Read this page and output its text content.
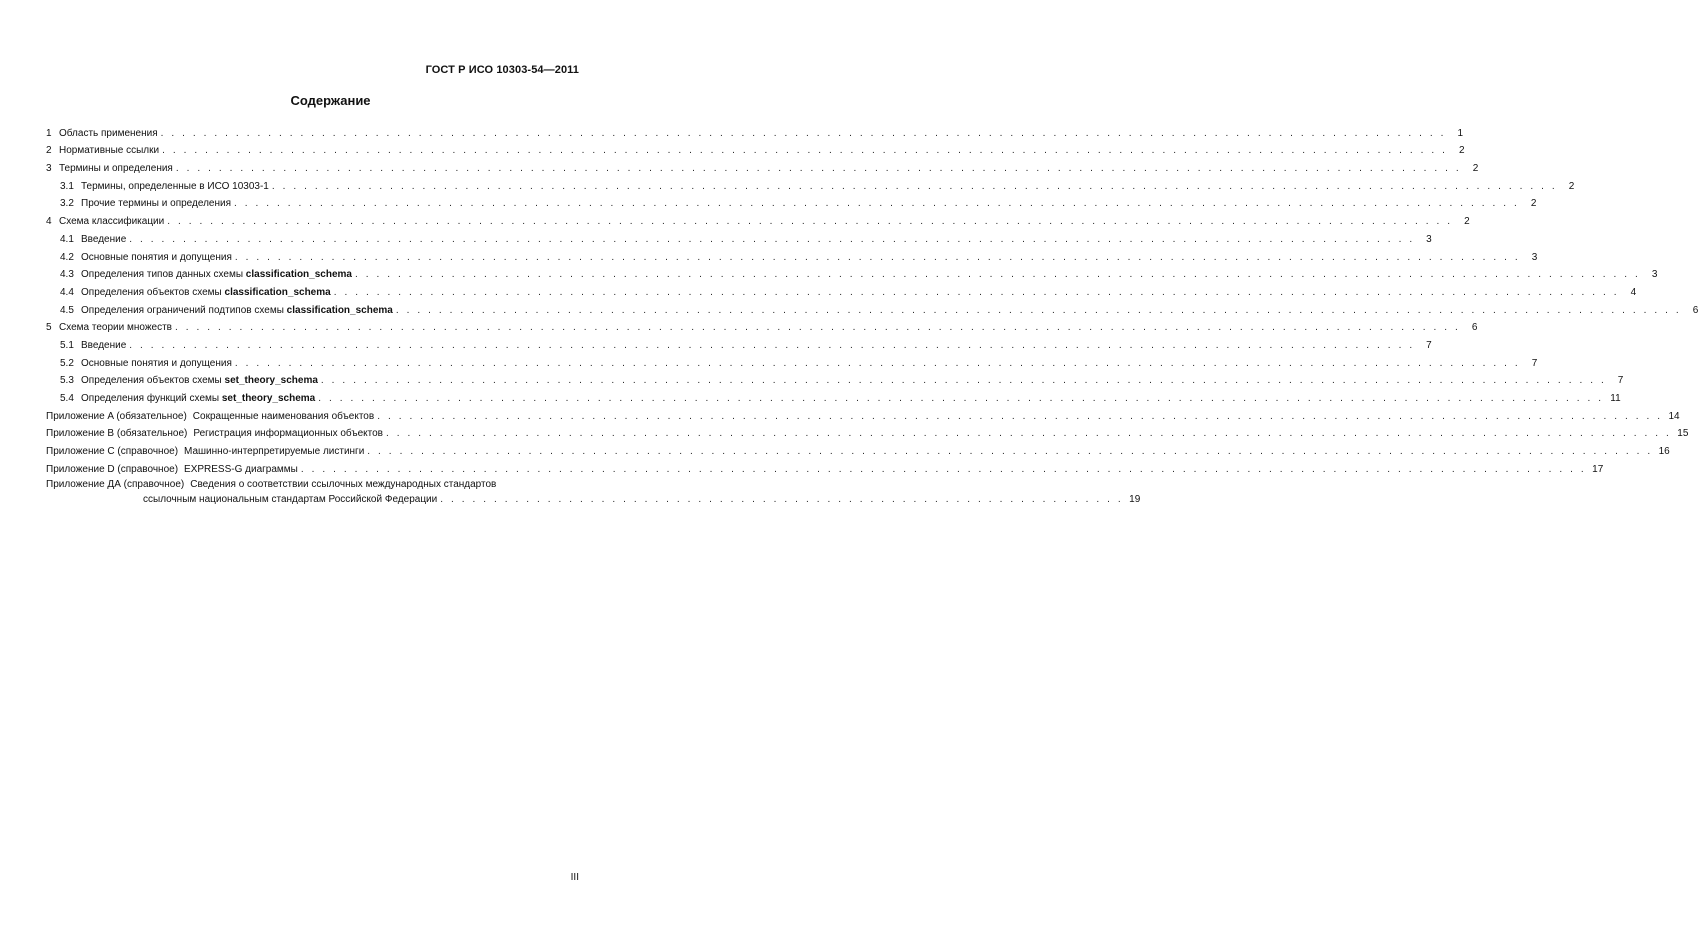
ГОСТ Р ИСО 10303-54—2011
Содержание
1 Область применения . . . . . . . . . . . . . . . . . . . . . . . . . . . . . . . . . . . . . . . . . . . . . . . . . . . . . . . . . . . . . . . . . . . . . . . . . . . . . . . . . . . . . . . . . . . . . . . . . . . . . . . . . . . . . . . . . . . . . . . .	1
2 Нормативные ссылки . . . . . . . . . . . . . . . . . . . . . . . . . . . . . . . . . . . . . . . . . . . . . . . . . . . . . . . . . . . . . . . . . . . . . . . . . . . . . . . . . . . . . . . . . . . . . . . . . . . . . . . . . . . . . . . . . . . . . . . .	2
3 Термины и определения . . . . . . . . . . . . . . . . . . . . . . . . . . . . . . . . . . . . . . . . . . . . . . . . . . . . . . . . . . . . . . . . . . . . . . . . . . . . . . . . . . . . . . . . . . . . . . . . . . . . . . . . . . . . . . . . . . . . . . . .	2
3.1 Термины, определенные в ИСО 10303-1 . . . . . . . . . . . . . . . . . . . . . . . . . . . . . . . . . . . . . . . . . . . . . . . . . . . . . . . . . . . . . . . . . . . . . . . . . . . . . . . . . . . . . . . . . . . . . . . . . . . . . . . . . . . . . . . . . . . . . . . .	2
3.2 Прочие термины и определения . . . . . . . . . . . . . . . . . . . . . . . . . . . . . . . . . . . . . . . . . . . . . . . . . . . . . . . . . . . . . . . . . . . . . . . . . . . . . . . . . . . . . . . . . . . . . . . . . . . . . . . . . . . . . . . . . . . . . . . .	2
4 Схема классификации . . . . . . . . . . . . . . . . . . . . . . . . . . . . . . . . . . . . . . . . . . . . . . . . . . . . . . . . . . . . . . . . . . . . . . . . . . . . . . . . . . . . . . . . . . . . . . . . . . . . . . . . . . . . . . . . . . . . . . . .	2
4.1 Введение . . . . . . . . . . . . . . . . . . . . . . . . . . . . . . . . . . . . . . . . . . . . . . . . . . . . . . . . . . . . . . . . . . . . . . . . . . . . . . . . . . . . . . . . . . . . . . . . . . . . . . . . . . . . . . . . . . . . . . . .	3
4.2 Основные понятия и допущения . . . . . . . . . . . . . . . . . . . . . . . . . . . . . . . . . . . . . . . . . . . . . . . . . . . . . . . . . . . . . . . . . . . . . . . . . . . . . . . . . . . . . . . . . . . . . . . . . . . . . . . . . . . . . . . . . . . . . . . .	3
4.3 Определения типов данных схемы classification_schema . . . . . . . . . . . . . . . . . . . . . . . . . . . . . . . . . . . . . . . . . . . . . . . . . . . . . . . . . . . . . . . . . . . . . . . . . . . . . . . . . . . . . . . . . . . . . . . . . . . . . . . . . . . . . . . . . . . . . . . .	3
4.4 Определения объектов схемы classification_schema . . . . . . . . . . . . . . . . . . . . . . . . . . . . . . . . . . . . . . . . . . . . . . . . . . . . . . . . . . . . . . . . . . . . . . . . . . . . . . . . . . . . . . . . . . . . . . . . . . . . . . . . . . . . . . . . . . . . . . . .	4
4.5 Определения ограничений подтипов схемы classification_schema . . . . . . . . . . . . . . . . . . . . . . . . . . . . . . . . . . . . . . . . . . . . . . . . . . . . . . . . . . . . . . . . . . . . . . . . . . . . . . . . . . . . . . . . . . . . . . . . . . . . . . . . . . . . . . . . . . . . . . . .	6
5 Схема теории множеств . . . . . . . . . . . . . . . . . . . . . . . . . . . . . . . . . . . . . . . . . . . . . . . . . . . . . . . . . . . . . . . . . . . . . . . . . . . . . . . . . . . . . . . . . . . . . . . . . . . . . . . . . . . . . . . . . . . . . . . .	6
5.1 Введение . . . . . . . . . . . . . . . . . . . . . . . . . . . . . . . . . . . . . . . . . . . . . . . . . . . . . . . . . . . . . . . . . . . . . . . . . . . . . . . . . . . . . . . . . . . . . . . . . . . . . . . . . . . . . . . . . . . . . . . .	7
5.2 Основные понятия и допущения . . . . . . . . . . . . . . . . . . . . . . . . . . . . . . . . . . . . . . . . . . . . . . . . . . . . . . . . . . . . . . . . . . . . . . . . . . . . . . . . . . . . . . . . . . . . . . . . . . . . . . . . . . . . . . . . . . . . . . . .	7
5.3 Определения объектов схемы set_theory_schema . . . . . . . . . . . . . . . . . . . . . . . . . . . . . . . . . . . . . . . . . . . . . . . . . . . . . . . . . . . . . . . . . . . . . . . . . . . . . . . . . . . . . . . . . . . . . . . . . . . . . . . . . . . . . . . . . . . . . . . .	7
5.4 Определения функций схемы set_theory_schema . . . . . . . . . . . . . . . . . . . . . . . . . . . . . . . . . . . . . . . . . . . . . . . . . . . . . . . . . . . . . . . . . . . . . . . . . . . . . . . . . . . . . . . . . . . . . . . . . . . . . . . . . . . . . . . . . . . . . . . . 11
Приложение A (обязательное) Сокращенные наименования объектов . . . . . . . . . . . . . . . . . . . . . . . . . . . . . . . . . . . . . . . . . . . . . . . . . . . . . . . . . . . . . . . . . . . . . . . . . . . . . . . . . . . . . . . . . . . . . . . . . . . . . . . . . . . . . . . . . . . . . . . . 14
Приложение B (обязательное) Регистрация информационных объектов . . . . . . . . . . . . . . . . . . . . . . . . . . . . . . . . . . . . . . . . . . . . . . . . . . . . . . . . . . . . . . . . . . . . . . . . . . . . . . . . . . . . . . . . . . . . . . . . . . . . . . . . . . . . . . . . . . . . . . . . 15
Приложение C (справочное) Машинно-интерпретируемые листинги . . . . . . . . . . . . . . . . . . . . . . . . . . . . . . . . . . . . . . . . . . . . . . . . . . . . . . . . . . . . . . . . . . . . . . . . . . . . . . . . . . . . . . . . . . . . . . . . . . . . . . . . . . . . . . . . . . . . . . . . 16
Приложение D (справочное) EXPRESS-G диаграммы . . . . . . . . . . . . . . . . . . . . . . . . . . . . . . . . . . . . . . . . . . . . . . . . . . . . . . . . . . . . . . . . . . . . . . . . . . . . . . . . . . . . . . . . . . . . . . . . . . . . . . . . . . . . . . . . . . . . . . . . 17
Приложение ДА (справочное) Сведения о соответствии ссылочных международных стандартов
ссылочным национальным стандартам Российской Федерации . . . . . . . . . . . . . . . . . . . . . . . . . . . . . . . . . . . . . . . . . . . . . . . . . . . . . . . . . . . . . . . . 19
III
